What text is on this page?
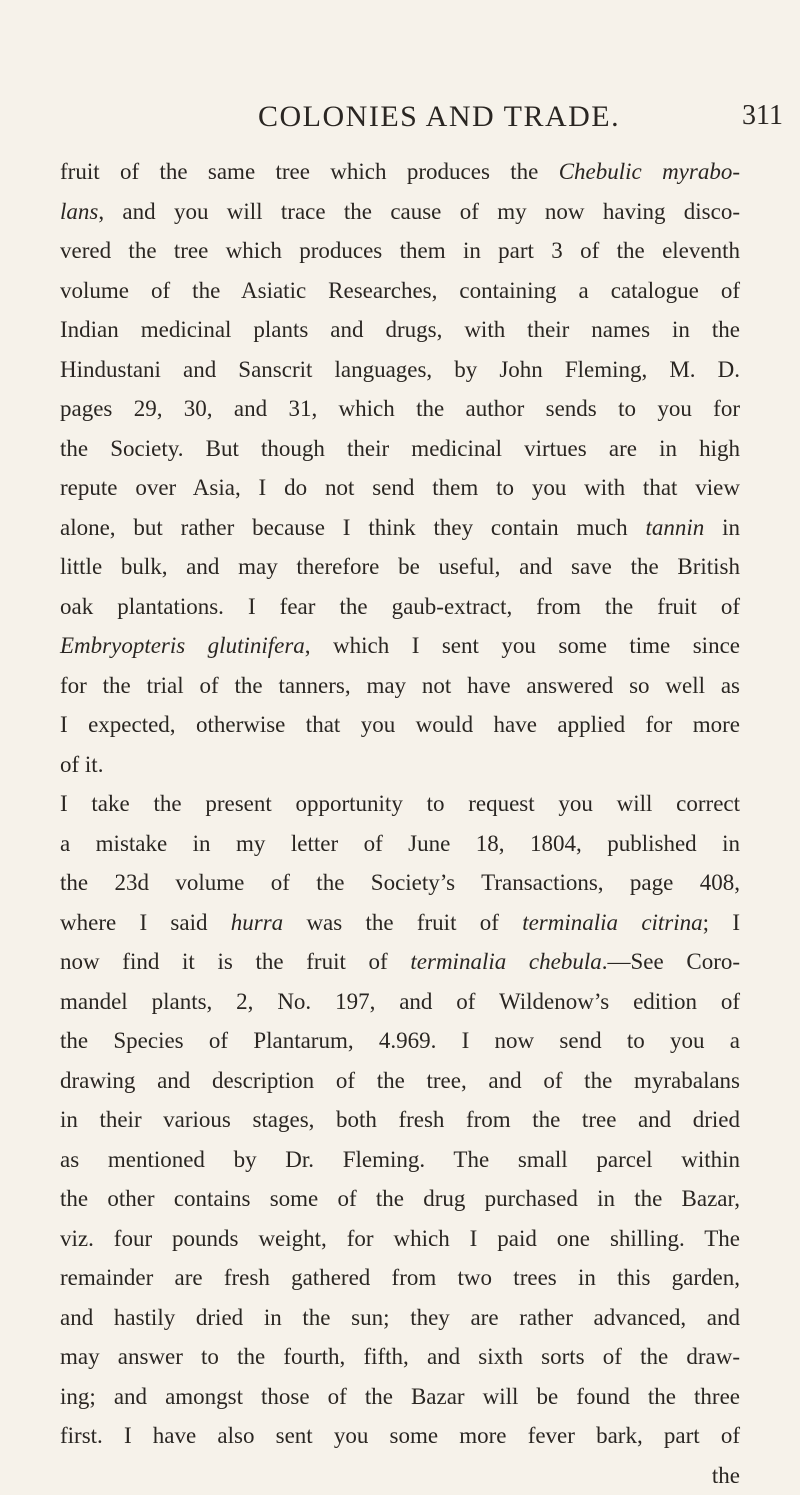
COLONIES AND TRADE.	311
fruit of the same tree which produces the Chebulic myrabo-
lans, and you will trace the cause of my now having disco-
vered the tree which produces them in part 3 of the eleventh
volume of the Asiatic Researches, containing a catalogue of
Indian medicinal plants and drugs, with their names in the
Hindustani and Sanscrit languages, by John Fleming, M. D.
pages 29, 30, and 31, which the author sends to you for
the Society. But though their medicinal virtues are in high
repute over Asia, I do not send them to you with that view
alone, but rather because I think they contain much tannin in
little bulk, and may therefore be useful, and save the British
oak plantations. I fear the gaub-extract, from the fruit of
Embryopteris glutinifera, which I sent you some time since
for the trial of the tanners, may not have answered so well as
I expected, otherwise that you would have applied for more
of it.
I take the present opportunity to request you will correct
a mistake in my letter of June 18, 1804, published in
the 23d volume of the Society’s Transactions, page 408,
where I said hurra was the fruit of terminalia citrina; I
now find it is the fruit of terminalia chebula.—See Coro-
mandel plants, 2, No. 197, and of Wildenow’s edition of
the Species of Plantarum, 4.969. I now send to you a
drawing and description of the tree, and of the myrabalans
in their various stages, both fresh from the tree and dried
as mentioned by Dr. Fleming. The small parcel within
the other contains some of the drug purchased in the Bazar,
viz. four pounds weight, for which I paid one shilling. The
remainder are fresh gathered from two trees in this garden,
and hastily dried in the sun; they are rather advanced, and
may answer to the fourth, fifth, and sixth sorts of the draw-
ing; and amongst those of the Bazar will be found the three
first. I have also sent you some more fever bark, part of
the
